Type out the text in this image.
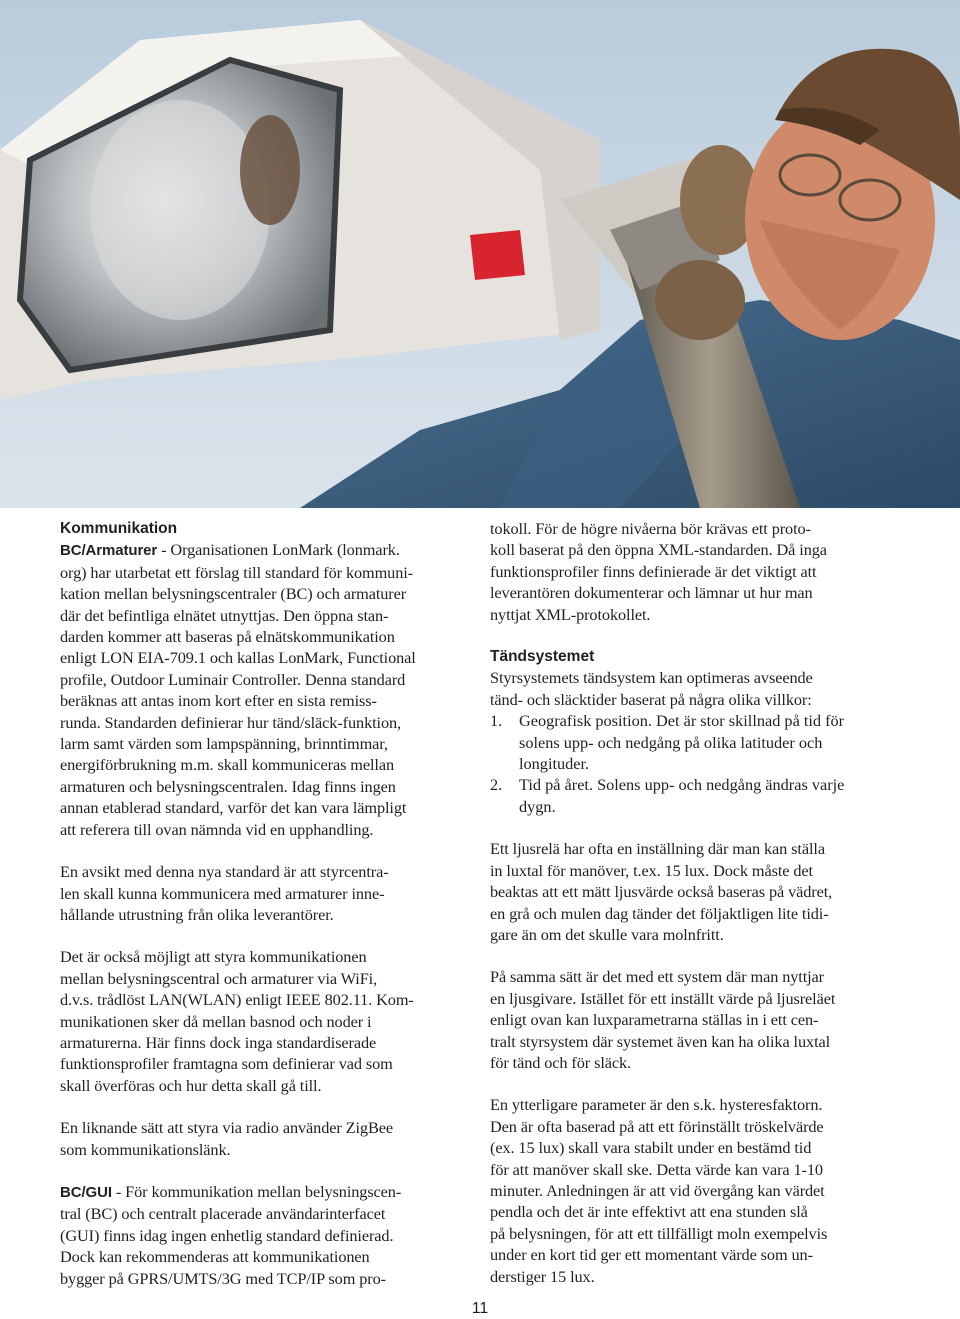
Kommunikation

BC/Armaturer - Organisationen LonMark (lonmark.
org) har utarbetat ett förslag till standard för kommuni-
kation mellan belysningscentraler (BC) och armaturer
där det befintliga elnätet utnyttjas. Den öppna stan-
darden kommer att baseras på elnätskommunikation
enligt LON EIA-709.1 och kallas LonMark, Functional
profile, Outdoor Luminair Controller. Denna standard
beräknas att antas inom kort efter en sista remiss-
runda. Standarden definierar hur tänd/släck-funktion,
larm samt värden som lampspänning, brinntimmar,
energiförbrukning m.m. skall kommuniceras mellan
armaturen och belysningscentralen. Idag finns ingen
annan etablerad standard, varför det kan vara lämpligt
att referera till ovan nämnda vid en upphandling.

En avsikt med denna nya standard är att styrcentra-
len skall kunna kommunicera med armaturer inne-
hållande utrustning från olika leverantörer.

Det är också möjligt att styra kommunikationen
mellan belysningscentral och armaturer via WiFi,
d.v.s. trådlöst LAN(WLAN) enligt IEEE 802.11. Kom-
munikationen sker då mellan basnod och noder i
armaturerna. Här finns dock inga standardiserade
funktionsprofiler framtagna som definierar vad som
skall överföras och hur detta skall gå till.

En liknande sätt att styra via radio använder ZigBee
som kommunikationslänk.

BC/GUI - För kommunikation mellan belysningscen-
tral (BC) och centralt placerade användarinterfacet
(GUI) finns idag ingen enhetlig standard definierad.
Dock kan rekommenderas att kommunikationen
bygger på GPRS/UMTS/3G med TCP/IP som pro-

tokoll. För de högre nivåerna bör krävas ett proto-
koll baserat på den öppna XML-standarden. Då inga
funktionsprofiler finns definierade är det viktigt att
leverantören dokumenterar och lämnar ut hur man
nyttjat XML-protokollet.

Tändsystemet

Styrsystemets tändsystem kan optimeras avseende
tänd- och släcktider baserat på några olika villkor:

1.	Geografisk position. Det är stor skillnad på tid för
solens upp- och nedgång på olika latituder och
longituder.
2.	Tid på året. Solens upp- och nedgång ändras varje
dygn.

Ett ljusrelä har ofta en inställning där man kan ställa
in luxtal för manöver, t.ex. 15 lux. Dock måste det
beaktas att ett mätt ljusvärde också baseras på vädret,
en grå och mulen dag tänder det följaktligen lite tidi-
gare än om det skulle vara molnfritt.

På samma sätt är det med ett system där man nyttjar
en ljusgivare. Istället för ett inställt värde på ljusreläet
enligt ovan kan luxparametrarna ställas in i ett cen-
tralt styrsystem där systemet även kan ha olika luxtal
för tänd och för släck.

En ytterligare parameter är den s.k. hysteresfaktorn.
Den är ofta baserad på att ett förinställt tröskelvärde
(ex. 15 lux) skall vara stabilt under en bestämd tid
för att manöver skall ske. Detta värde kan vara 1-10
minuter. Anledningen är att vid övergång kan värdet
pendla och det är inte effektivt att ena stunden slå
på belysningen, för att ett tillfälligt moln exempelvis
under en kort tid ger ett momentant värde som un-
derstiger 15 lux.

11
